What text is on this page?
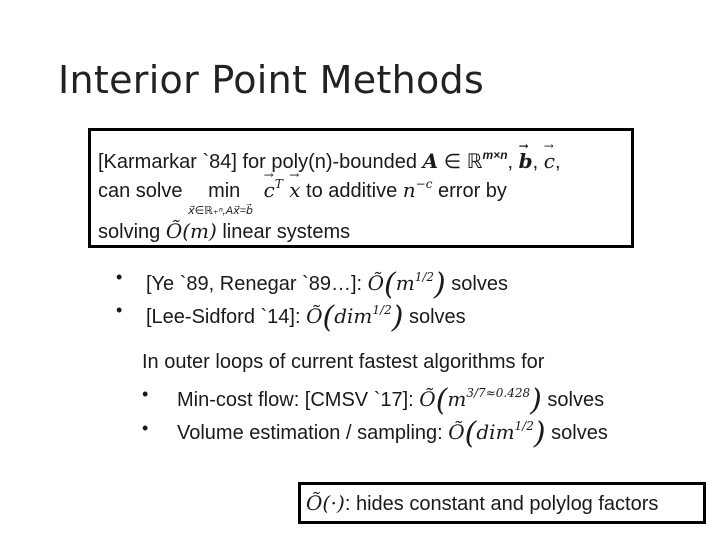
Interior Point Methods
[Karmarkar `84] for poly(n)-bounded A ∈ ℝ$^{m\times n}$, → b, → c,
can solve min
x⃗∈ℝ₊ⁿ,Ax⃗=b⃗
→ $c^T \to x$ to additive $n^{-c}$ error by
solving Õ(m) linear systems
• [Ye `89, Renegar `89…]: $Õ(m^{1/2})$ solves
• [Lee-Sidford `14]: Õ(dim$^{1/2}$) solves
In outer loops of current fastest algorithms for
• Min-cost flow: [CMSV `17]: $Õ(m^{3/7\approx 0.428})$ solves
• Volume estimation / sampling: Õ(dim$^{1/2}$) solves
Õ(⋅): hides constant and polylog factors
